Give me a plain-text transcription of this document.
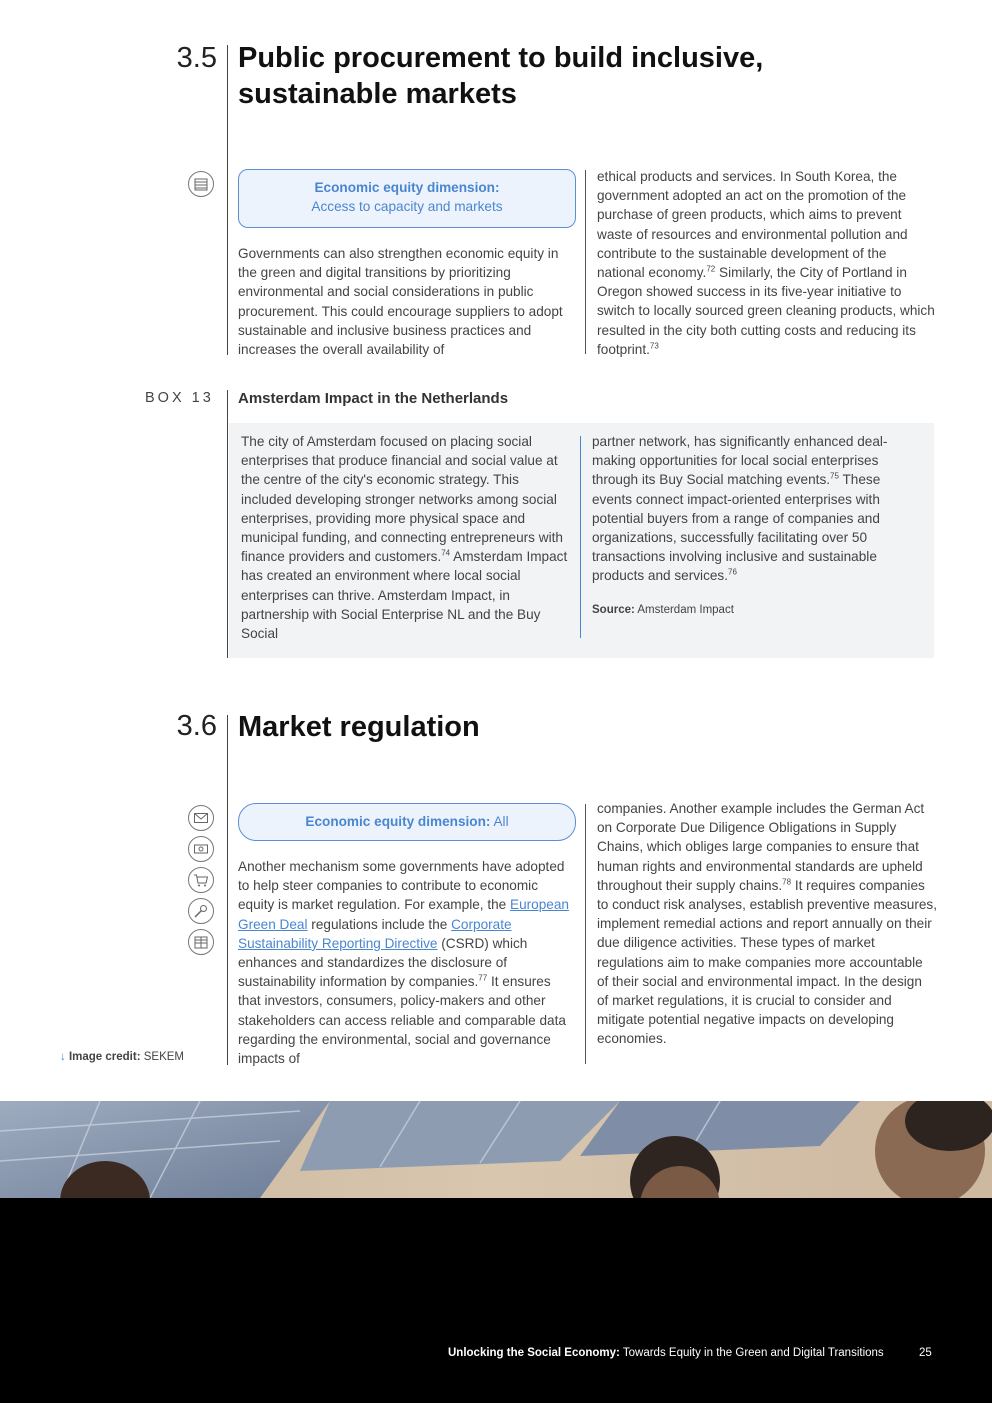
3.5 Public procurement to build inclusive,
sustainable markets
Economic equity dimension:
Access to capacity and markets

Governments can also strengthen economic equity in the green and digital transitions by prioritizing environmental and social considerations in public procurement. This could encourage suppliers to adopt sustainable and inclusive business practices and increases the overall availability of

ethical products and services. In South Korea, the government adopted an act on the promotion of the purchase of green products, which aims to prevent waste of resources and environmental pollution and contribute to the sustainable development of the national economy.$^{72}$ Similarly, the City of Portland in Oregon showed success in its five-year initiative to switch to locally sourced green cleaning products, which resulted in the city both cutting costs and reducing its footprint.$^{73}$

BOX 13 Amsterdam Impact in the Netherlands

The city of Amsterdam focused on placing social enterprises that produce financial and social value at the centre of the city's economic strategy. This included developing stronger networks among social enterprises, providing more physical space and municipal funding, and connecting entrepreneurs with finance providers and customers.$^{74}$ Amsterdam Impact has created an environment where local social enterprises can thrive. Amsterdam Impact, in partnership with Social Enterprise NL and the Buy Social

partner network, has significantly enhanced deal-making opportunities for local social enterprises through its Buy Social matching events.$^{75}$ These events connect impact-oriented enterprises with potential buyers from a range of companies and organizations, successfully facilitating over 50 transactions involving inclusive and sustainable products and services.$^{76}$

Source: Amsterdam Impact
3.6 Market regulation
Economic equity dimension: All

Another mechanism some governments have adopted to help steer companies to contribute to economic equity is market regulation. For example, the European Green Deal regulations include the Corporate Sustainability Reporting Directive (CSRD) which enhances and standardizes the disclosure of sustainability information by companies.$^{77}$ It ensures that investors, consumers, policy-makers and other stakeholders can access reliable and comparable data regarding the environmental, social and governance impacts of

companies. Another example includes the German Act on Corporate Due Diligence Obligations in Supply Chains, which obliges large companies to ensure that human rights and environmental standards are upheld throughout their supply chains.$^{78}$ It requires companies to conduct risk analyses, establish preventive measures, implement remedial actions and report annually on their due diligence activities. These types of market regulations aim to make companies more accountable of their social and environmental impact. In the design of market regulations, it is crucial to consider and mitigate potential negative impacts on developing economies.

↓ Image credit: SEKEM
Unlocking the Social Economy: Towards Equity in the Green and Digital Transitions	25
